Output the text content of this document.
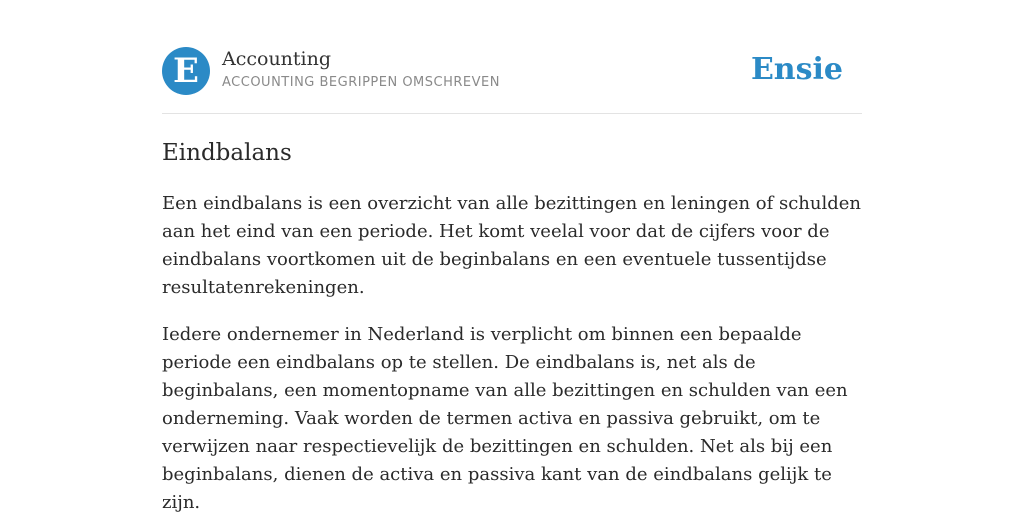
E	Accounting
ACCOUNTING BEGRIPPEN OMSCHREVEN	Ensie
Eindbalans

Een eindbalans is een overzicht van alle bezittingen en leningen of schulden aan het eind van een periode. Het komt veelal voor dat de cijfers voor de eindbalans voortkomen uit de beginbalans en een eventuele tussentijdse resultatenrekeningen.

Iedere ondernemer in Nederland is verplicht om binnen een bepaalde periode een eindbalans op te stellen. De eindbalans is, net als de beginbalans, een momentopname van alle bezittingen en schulden van een onderneming. Vaak worden de termen activa en passiva gebruikt, om te verwijzen naar respectievelijk de bezittingen en schulden. Net als bij een beginbalans, dienen de activa en passiva kant van de eindbalans gelijk te zijn.
